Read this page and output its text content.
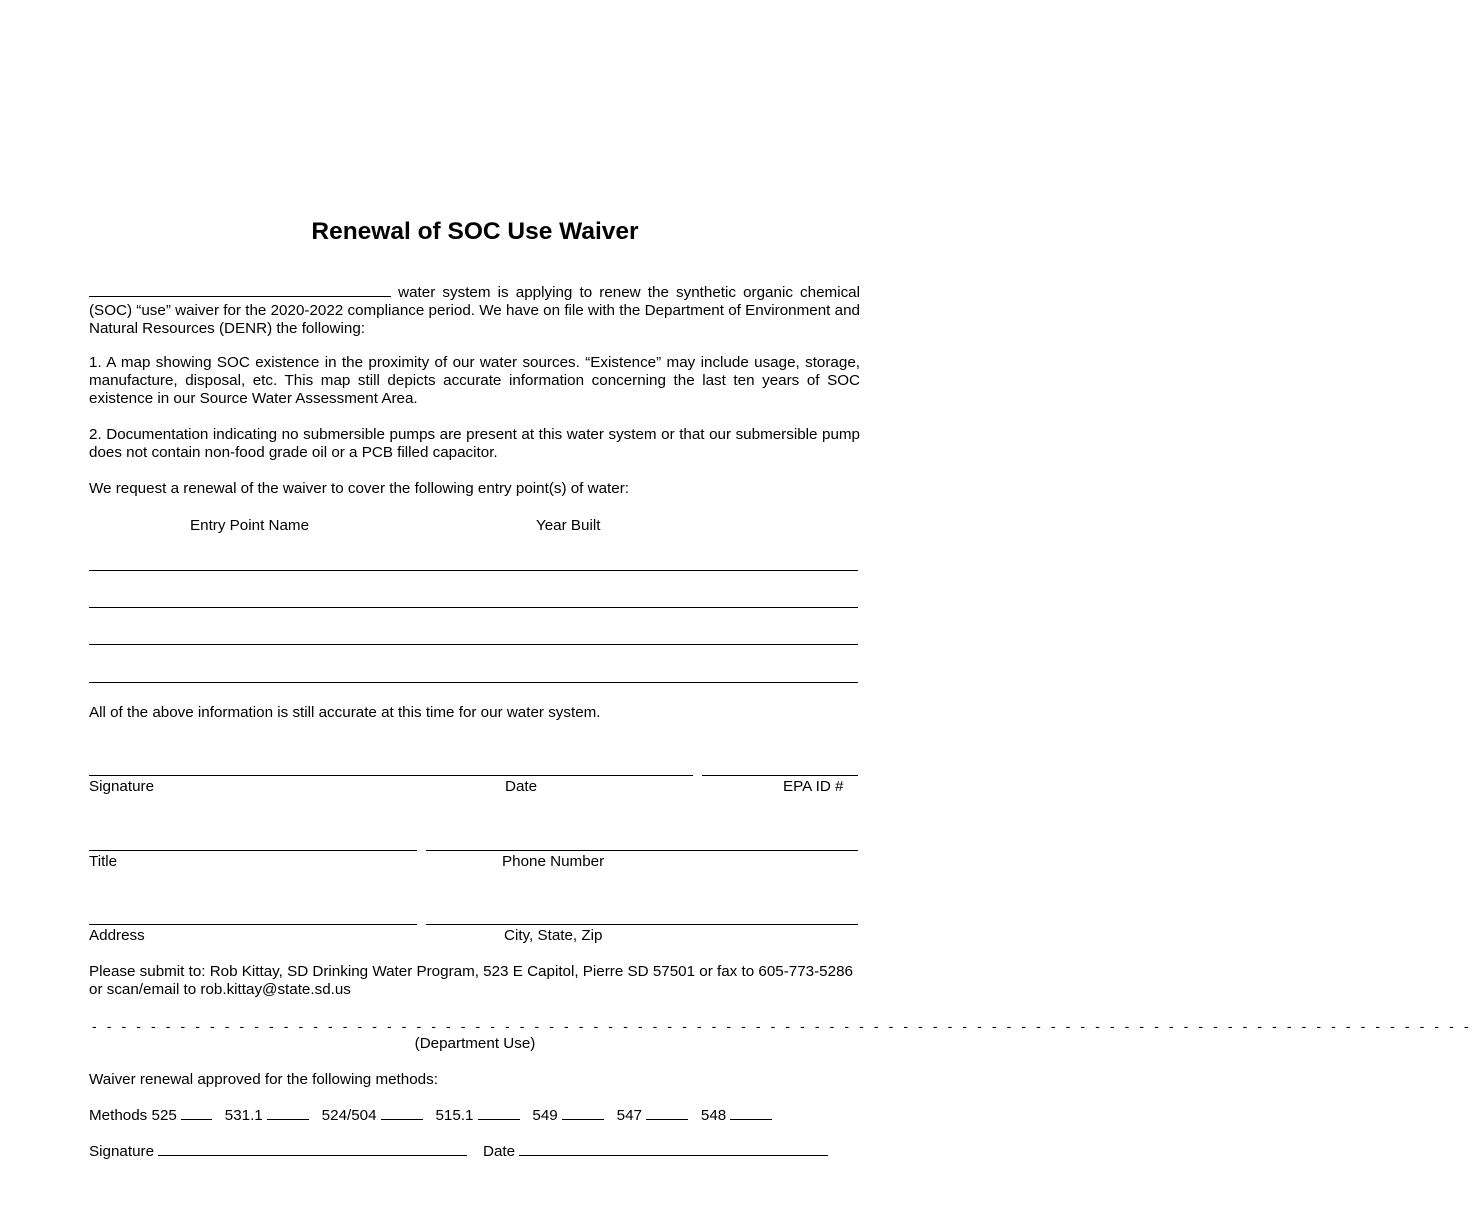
Renewal of SOC Use Waiver
water system is applying to renew the synthetic organic chemical (SOC) “use” waiver for the 2020-2022 compliance period. We have on file with the Department of Environment and Natural Resources (DENR) the following:
1. A map showing SOC existence in the proximity of our water sources. “Existence” may include usage, storage, manufacture, disposal, etc. This map still depicts accurate information concerning the last ten years of SOC existence in our Source Water Assessment Area.
2. Documentation indicating no submersible pumps are present at this water system or that our submersible pump does not contain non-food grade oil or a PCB filled capacitor.
We request a renewal of the waiver to cover the following entry point(s) of water:
Entry Point Name	Year Built
All of the above information is still accurate at this time for our water system.
Signature	Date	EPA ID #
Title	Phone Number
Address	City, State, Zip
Please submit to: Rob Kittay, SD Drinking Water Program, 523 E Capitol, Pierre SD 57501 or fax to 605-773-5286 or scan/email to rob.kittay@state.sd.us
- - - - - - - - - - - - - - - - - - - - - - - - - - - - - - - - - - - - - - - - - - - - - - - - - - - - - - - - - - - - - - - - - - - - - - - - - - - - - - - - - - - - - - - - - - - - - -
(Department Use)
Waiver renewal approved for the following methods:
Methods 525	531.1	524/504	515.1	549	547	548
Signature	Date
